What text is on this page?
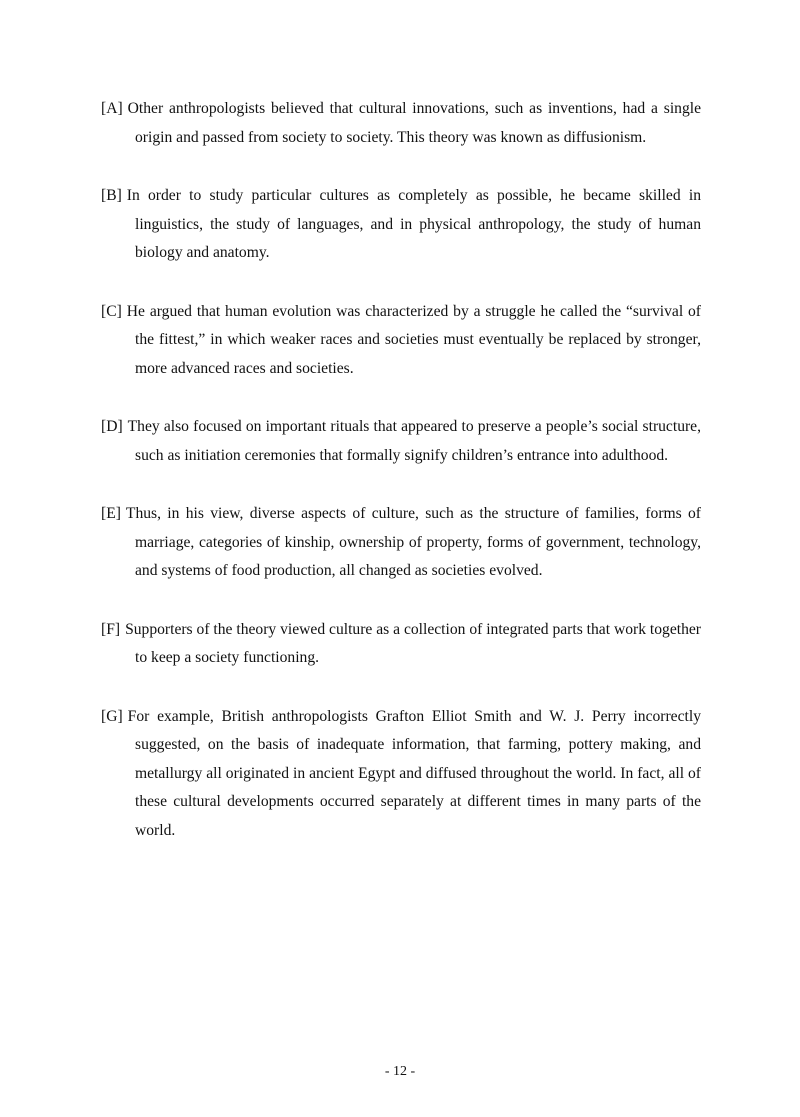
[A] Other anthropologists believed that cultural innovations, such as inventions, had a single origin and passed from society to society. This theory was known as diffusionism.

[B] In order to study particular cultures as completely as possible, he became skilled in linguistics, the study of languages, and in physical anthropology, the study of human biology and anatomy.

[C] He argued that human evolution was characterized by a struggle he called the “survival of the fittest,” in which weaker races and societies must eventually be replaced by stronger, more advanced races and societies.

[D] They also focused on important rituals that appeared to preserve a people’s social structure, such as initiation ceremonies that formally signify children’s entrance into adulthood.

[E] Thus, in his view, diverse aspects of culture, such as the structure of families, forms of marriage, categories of kinship, ownership of property, forms of government, technology, and systems of food production, all changed as societies evolved.

[F] Supporters of the theory viewed culture as a collection of integrated parts that work together to keep a society functioning.

[G] For example, British anthropologists Grafton Elliot Smith and W. J. Perry incorrectly suggested, on the basis of inadequate information, that farming, pottery making, and metallurgy all originated in ancient Egypt and diffused throughout the world. In fact, all of these cultural developments occurred separately at different times in many parts of the world.

- 12 -
